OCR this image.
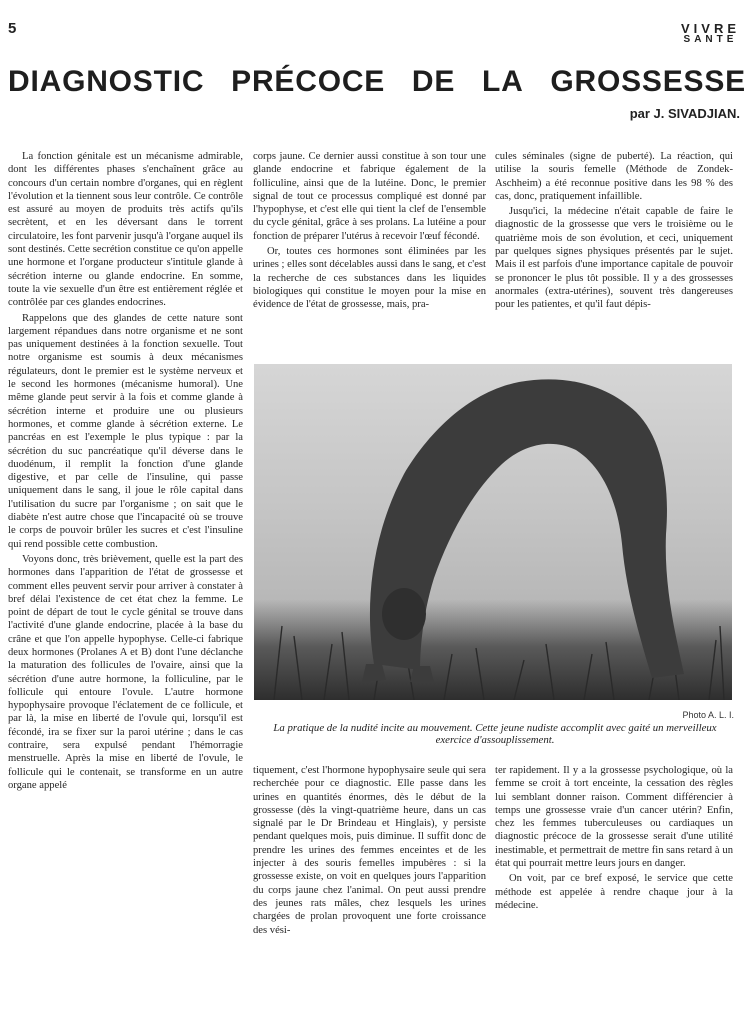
5	VIVRE
SANTE
DIAGNOSTIC PRÉCOCE DE LA GROSSESSE
par J. SIVADJIAN.

La fonction génitale est un mécanisme admirable, dont les différentes phases s'enchaînent grâce au concours d'un certain nombre d'organes, qui en règlent l'évolution et la tiennent sous leur contrôle. Ce contrôle est assuré au moyen de produits très actifs qu'ils secrètent, et en les déversant dans le torrent circulatoire, les font parvenir jusqu'à l'organe auquel ils sont destinés. Cette secrétion constitue ce qu'on appelle une hormone et l'organe producteur s'intitule glande à sécrétion interne ou glande endocrine. En somme, toute la vie sexuelle d'un être est entièrement réglée et contrôlée par ces glandes endocrines.

Rappelons que des glandes de cette nature sont largement répandues dans notre organisme et ne sont pas uniquement destinées à la fonction sexuelle. Tout notre organisme est soumis à deux mécanismes régulateurs, dont le premier est le système nerveux et le second les hormones (mécanisme humoral). Une même glande peut servir à la fois et comme glande à sécrétion interne et produire une ou plusieurs hormones, et comme glande à sécrétion externe. Le pancréas en est l'exemple le plus typique : par la sécrétion du suc pancréatique qu'il déverse dans le duodénum, il remplit la fonction d'une glande digestive, et par celle de l'insuline, qui passe uniquement dans le sang, il joue le rôle capital dans l'utilisation du sucre par l'organisme ; on sait que le diabète n'est autre chose que l'incapacité où se trouve le corps de pouvoir brûler les sucres et c'est l'insuline qui rend possible cette combustion.

Voyons donc, très brièvement, quelle est la part des hormones dans l'apparition de l'état de grossesse et comment elles peuvent servir pour arriver à constater à bref délai l'existence de cet état chez la femme. Le point de départ de tout le cycle génital se trouve dans l'activité d'une glande endocrine, placée à la base du crâne et que l'on appelle hypophyse. Celle-ci fabrique deux hormones (Prolanes A et B) dont l'une déclanche la maturation des follicules de l'ovaire, ainsi que la sécrétion d'une autre hormone, la folliculine, par le follicule qui entoure l'ovule. L'autre hormone hypophysaire provoque l'éclatement de ce follicule, et par là, la mise en liberté de l'ovule qui, lorsqu'il est fécondé, ira se fixer sur la paroi utérine ; dans le cas contraire, sera expulsé pendant l'hémorragie menstruelle. Après la mise en liberté de l'ovule, le follicule qui le contenait, se transforme en un autre organe appelé

corps jaune. Ce dernier aussi constitue à son tour une glande endocrine et fabrique également de la folliculine, ainsi que de la lutéine. Donc, le premier signal de tout ce processus compliqué est donné par l'hypophyse, et c'est elle qui tient la clef de l'ensemble du cycle génital, grâce à ses prolans. La lutéine a pour fonction de préparer l'utérus à recevoir l'œuf fécondé.

Or, toutes ces hormones sont éliminées par les urines ; elles sont décelables aussi dans le sang, et c'est la recherche de ces substances dans les liquides biologiques qui constitue le moyen pour la mise en évidence de l'état de grossesse, mais, pra-

cules séminales (signe de puberté). La réaction, qui utilise la souris femelle (Méthode de Zondek-Aschheim) a été reconnue positive dans les 98 % des cas, donc, pratiquement infaillible.

Jusqu'ici, la médecine n'était capable de faire le diagnostic de la grossesse que vers le troisième ou le quatrième mois de son évolution, et ceci, uniquement par quelques signes physiques présentés par le sujet. Mais il est parfois d'une importance capitale de pouvoir se prononcer le plus tôt possible. Il y a des grossesses anormales (extra-utérines), souvent très dangereuses pour les patientes, et qu'il faut dépis-

Photo A. L. I.
La pratique de la nudité incite au mouvement. Cette jeune nudiste accomplit avec gaité un merveilleux exercice d'assouplissement.

tiquement, c'est l'hormone hypophysaire seule qui sera recherchée pour ce diagnostic. Elle passe dans les urines en quantités énormes, dès le début de la grossesse (dès la vingt-quatrième heure, dans un cas signalé par le Dr Brindeau et Hinglais), y persiste pendant quelques mois, puis diminue. Il suffit donc de prendre les urines des femmes enceintes et de les injecter à des souris femelles impubères : si la grossesse existe, on voit en quelques jours l'apparition du corps jaune chez l'animal. On peut aussi prendre des jeunes rats mâles, chez lesquels les urines chargées de prolan provoquent une forte croissance des vési-

ter rapidement. Il y a la grossesse psychologique, où la femme se croit à tort enceinte, la cessation des règles lui semblant donner raison. Comment différencier à temps une grossesse vraie d'un cancer utérin? Enfin, chez les femmes tuberculeuses ou cardiaques un diagnostic précoce de la grossesse serait d'une utilité inestimable, et permettrait de mettre fin sans retard à un état qui pourrait mettre leurs jours en danger.

On voit, par ce bref exposé, le service que cette méthode est appelée à rendre chaque jour à la médecine.
